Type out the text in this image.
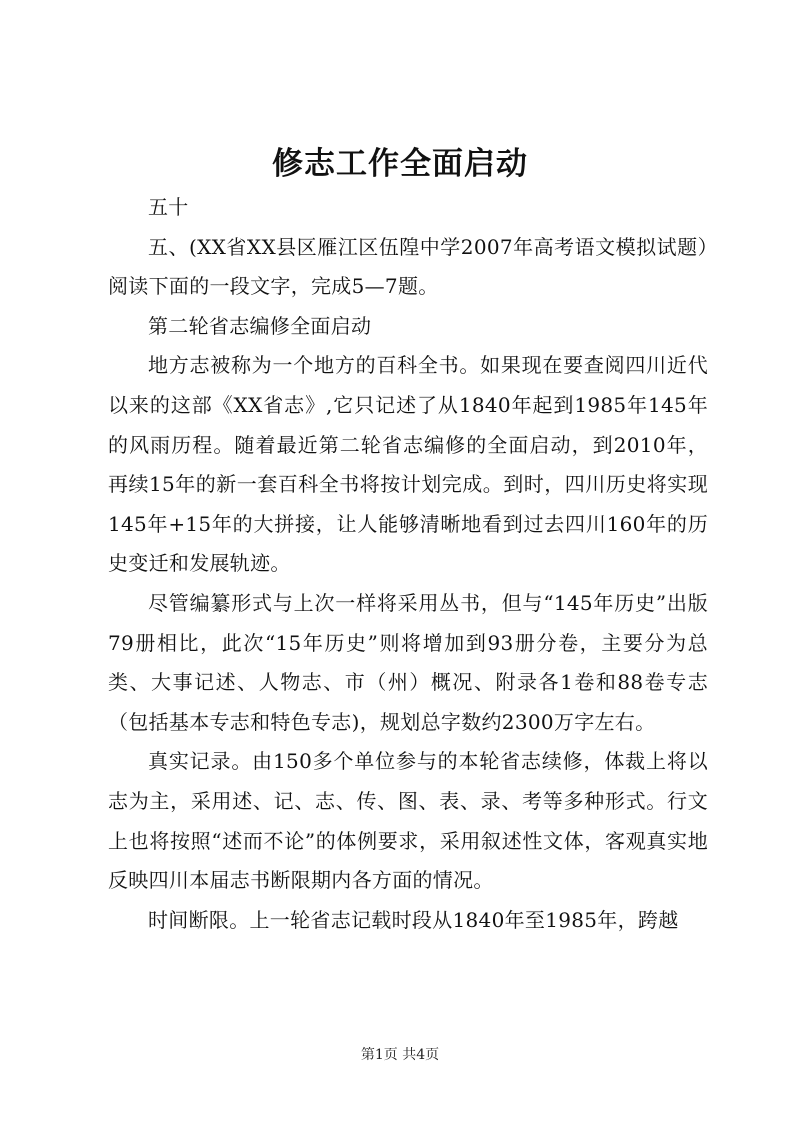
修志工作全面启动

五十

五、(XX省XX县区雁江区伍隍中学2007年高考语文模拟试题）阅读下面的一段文字，完成5—7题。

第二轮省志编修全面启动

地方志被称为一个地方的百科全书。如果现在要查阅四川近代以来的这部《XX省志》,它只记述了从1840年起到1985年145年的风雨历程。随着最近第二轮省志编修的全面启动，到2010年，再续15年的新一套百科全书将按计划完成。到时，四川历史将实现145年+15年的大拼接，让人能够清晰地看到过去四川160年的历史变迁和发展轨迹。

尽管编纂形式与上次一样将采用丛书，但与“145年历史”出版79册相比，此次“15年历史”则将增加到93册分卷，主要分为总类、大事记述、人物志、市（州）概况、附录各1卷和88卷专志（包括基本专志和特色专志)，规划总字数约2300万字左右。

真实记录。由150多个单位参与的本轮省志续修，体裁上将以志为主，采用述、记、志、传、图、表、录、考等多种形式。行文上也将按照“述而不论”的体例要求，采用叙述性文体，客观真实地反映四川本届志书断限期内各方面的情况。

时间断限。上一轮省志记载时段从1840年至1985年，跨越

第1页 共4页
